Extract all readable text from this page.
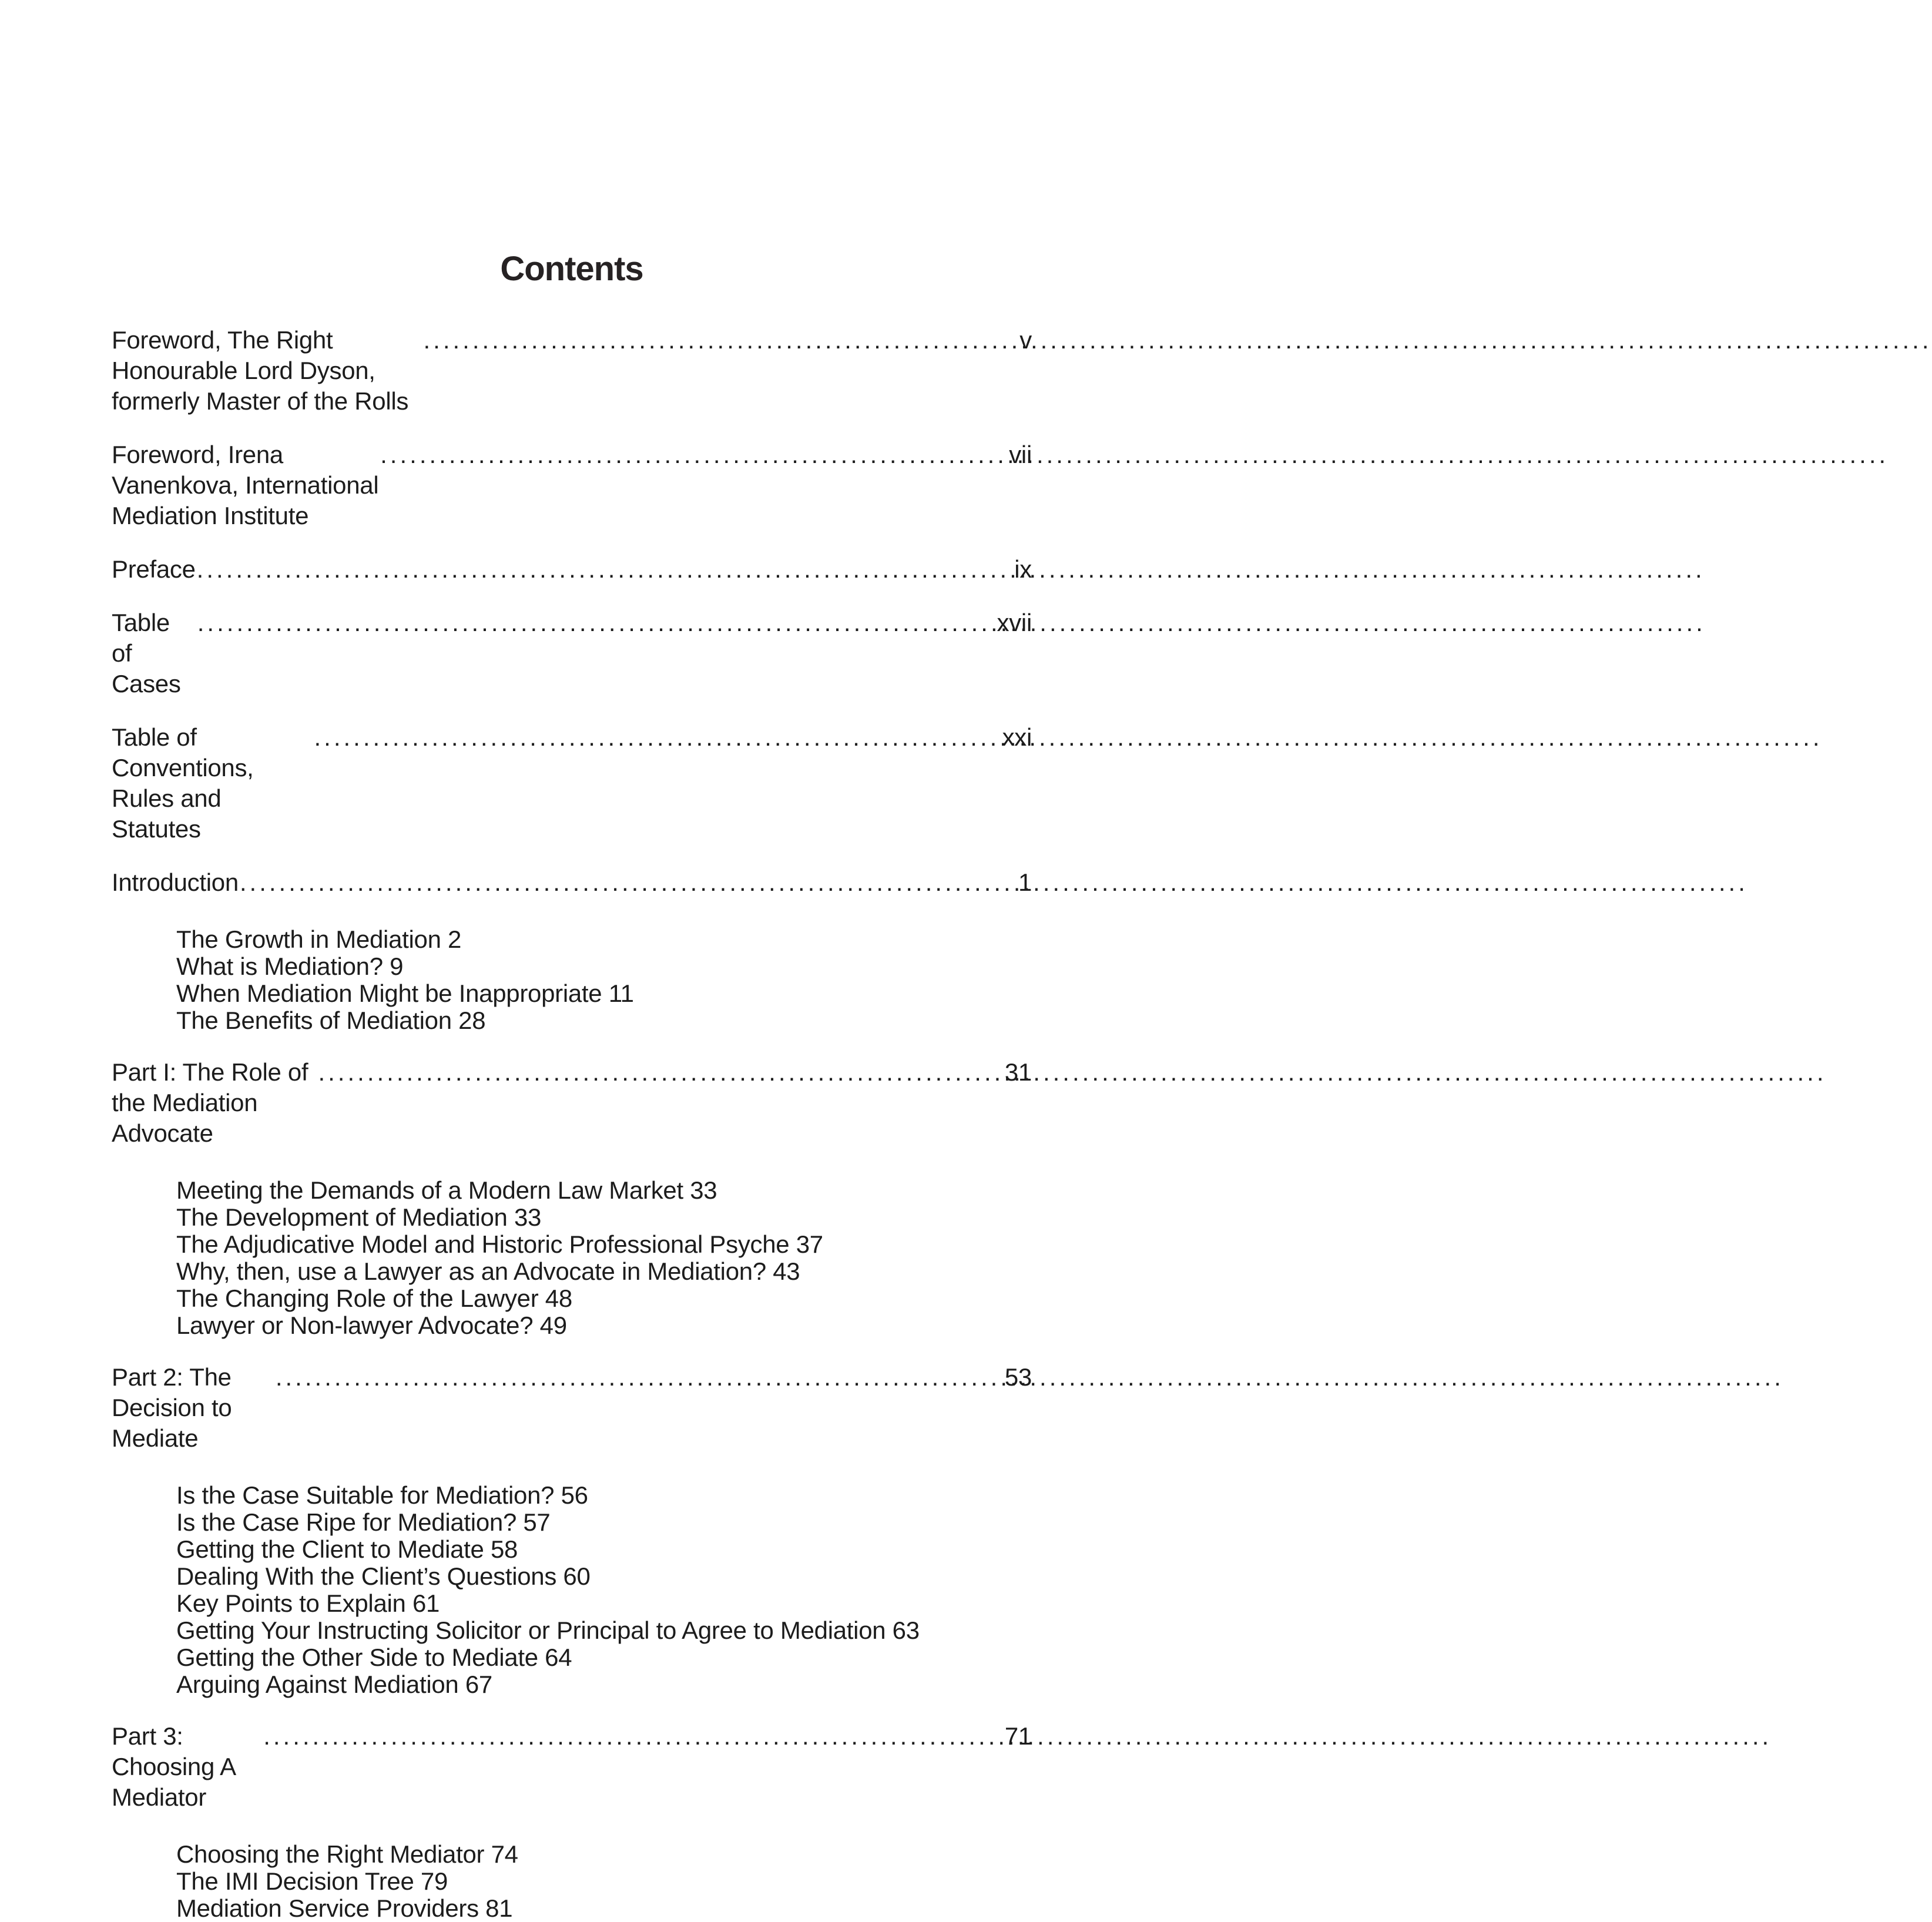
Contents
Foreword, The Right Honourable Lord Dyson, formerly Master of the Rolls
.....
v
Foreword, Irena Vanenkova, International Mediation Institute
.....
vii
Preface .....	ix
Table of Cases
.....
xvii
Table of Conventions, Rules and Statutes
.....
xxi
Introduction .....	1
The Growth in Mediation 2
What is Mediation? 9
When Mediation Might be Inappropriate 11
The Benefits of Mediation 28
Part I: The Role of the Mediation Advocate
.....
31
Meeting the Demands of a Modern Law Market 33
The Development of Mediation 33
The Adjudicative Model and Historic Professional Psyche 37
Why, then, use a Lawyer as an Advocate in Mediation? 43
The Changing Role of the Lawyer 48
Lawyer or Non-lawyer Advocate? 49
Part 2: The Decision to Mediate
.....
53
Is the Case Suitable for Mediation? 56
Is the Case Ripe for Mediation? 57
Getting the Client to Mediate 58
Dealing With the Client’s Questions 60
Key Points to Explain 61
Getting Your Instructing Solicitor or Principal to Agree to Mediation 63
Getting the Other Side to Mediate 64
Arguing Against Mediation 67
Part 3:  Choosing A Mediator
.....
71
Choosing the Right Mediator 74
The IMI Decision Tree 79
Mediation Service Providers 81
